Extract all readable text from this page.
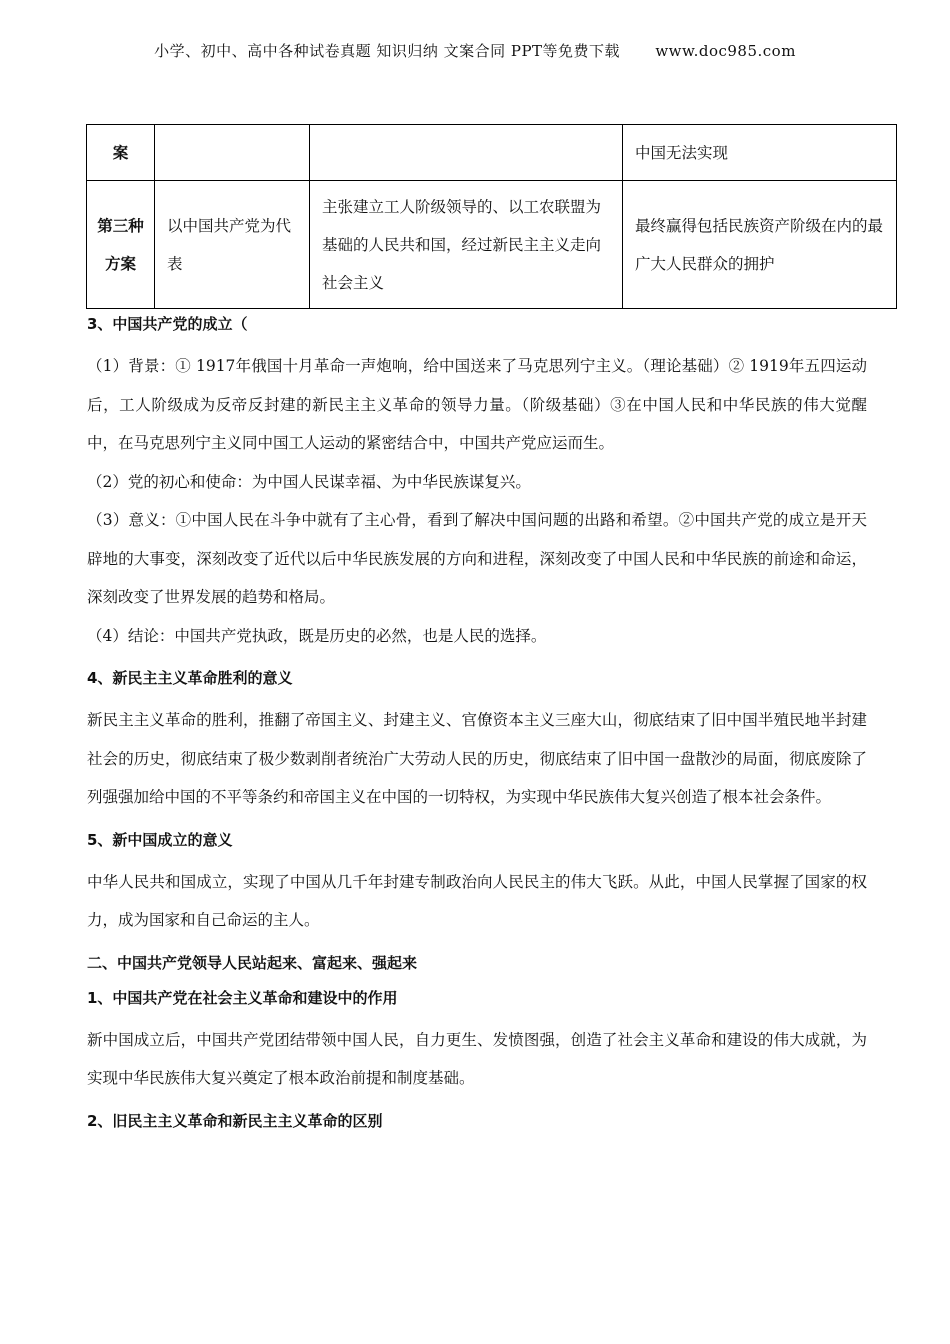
小学、初中、高中各种试卷真题 知识归纳 文案合同 PPT等免费下载 www.doc985.com
案			中国无法实现
第三种方案	以中国共产党为代表	主张建立工人阶级领导的、以工农联盟为基础的人民共和国，经过新民主主义走向社会主义	最终赢得包括民族资产阶级在内的最广大人民群众的拥护

3、中国共产党的成立（

（1）背景：① 1917年俄国十月革命一声炮响，给中国送来了马克思列宁主义。（理论基础）② 1919年五四运动后，工人阶级成为反帝反封建的新民主主义革命的领导力量。（阶级基础）③在中国人民和中华民族的伟大觉醒中，在马克思列宁主义同中国工人运动的紧密结合中，中国共产党应运而生。

（2）党的初心和使命：为中国人民谋幸福、为中华民族谋复兴。

（3）意义：①中国人民在斗争中就有了主心骨，看到了解决中国问题的出路和希望。②中国共产党的成立是开天辟地的大事变，深刻改变了近代以后中华民族发展的方向和进程，深刻改变了中国人民和中华民族的前途和命运，深刻改变了世界发展的趋势和格局。

（4）结论：中国共产党执政，既是历史的必然，也是人民的选择。

4、新民主主义革命胜利的意义

新民主主义革命的胜利，推翻了帝国主义、封建主义、官僚资本主义三座大山，彻底结束了旧中国半殖民地半封建社会的历史，彻底结束了极少数剥削者统治广大劳动人民的历史，彻底结束了旧中国一盘散沙的局面，彻底废除了列强强加给中国的不平等条约和帝国主义在中国的一切特权，为实现中华民族伟大复兴创造了根本社会条件。

5、新中国成立的意义

中华人民共和国成立，实现了中国从几千年封建专制政治向人民民主的伟大飞跃。从此，中国人民掌握了国家的权力，成为国家和自己命运的主人。

二、中国共产党领导人民站起来、富起来、强起来

1、中国共产党在社会主义革命和建设中的作用

新中国成立后，中国共产党团结带领中国人民，自力更生、发愤图强，创造了社会主义革命和建设的伟大成就，为实现中华民族伟大复兴奠定了根本政治前提和制度基础。

2、旧民主主义革命和新民主主义革命的区别
